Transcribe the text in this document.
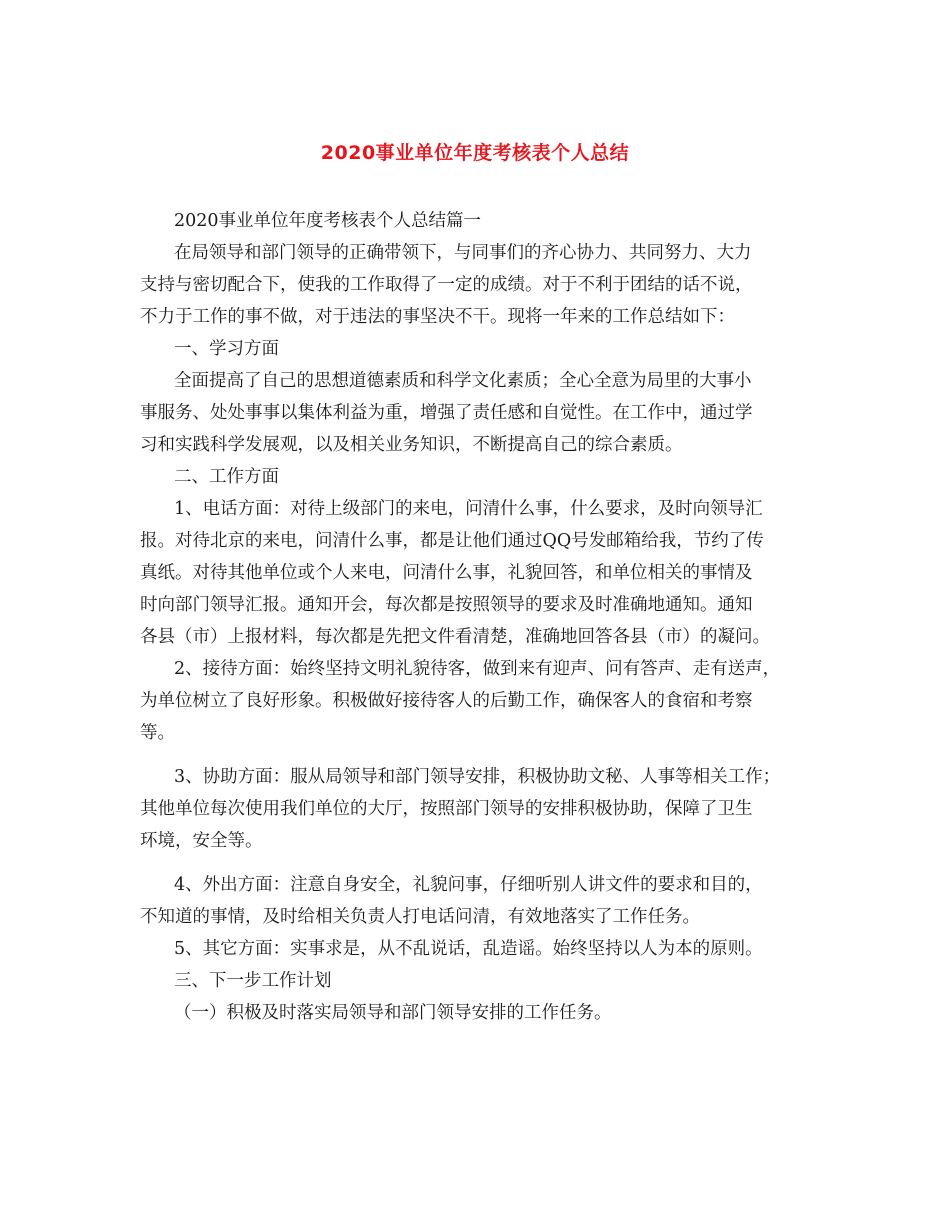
2020事业单位年度考核表个人总结

2020事业单位年度考核表个人总结篇一

在局领导和部门领导的正确带领下，与同事们的齐心协力、共同努力、大力

支持与密切配合下，使我的工作取得了一定的成绩。对于不利于团结的话不说，

不力于工作的事不做，对于违法的事坚决不干。现将一年来的工作总结如下：

一、学习方面

全面提高了自己的思想道德素质和科学文化素质；全心全意为局里的大事小

事服务、处处事事以集体利益为重，增强了责任感和自觉性。在工作中，通过学

习和实践科学发展观，以及相关业务知识，不断提高自己的综合素质。

二、工作方面

1、电话方面：对待上级部门的来电，问清什么事，什么要求，及时向领导汇

报。对待北京的来电，问清什么事，都是让他们通过QQ号发邮箱给我，节约了传

真纸。对待其他单位或个人来电，问清什么事，礼貌回答，和单位相关的事情及

时向部门领导汇报。通知开会，每次都是按照领导的要求及时准确地通知。通知

各县（市）上报材料，每次都是先把文件看清楚，准确地回答各县（市）的凝问。

2、接待方面：始终坚持文明礼貌待客，做到来有迎声、问有答声、走有送声，

为单位树立了良好形象。积极做好接待客人的后勤工作，确保客人的食宿和考察

等。

3、协助方面：服从局领导和部门领导安排，积极协助文秘、人事等相关工作；

其他单位每次使用我们单位的大厅，按照部门领导的安排积极协助，保障了卫生

环境，安全等。

4、外出方面：注意自身安全，礼貌问事，仔细听别人讲文件的要求和目的，

不知道的事情，及时给相关负责人打电话问清，有效地落实了工作任务。

5、其它方面：实事求是，从不乱说话，乱造谣。始终坚持以人为本的原则。

三、下一步工作计划

（一）积极及时落实局领导和部门领导安排的工作任务。
